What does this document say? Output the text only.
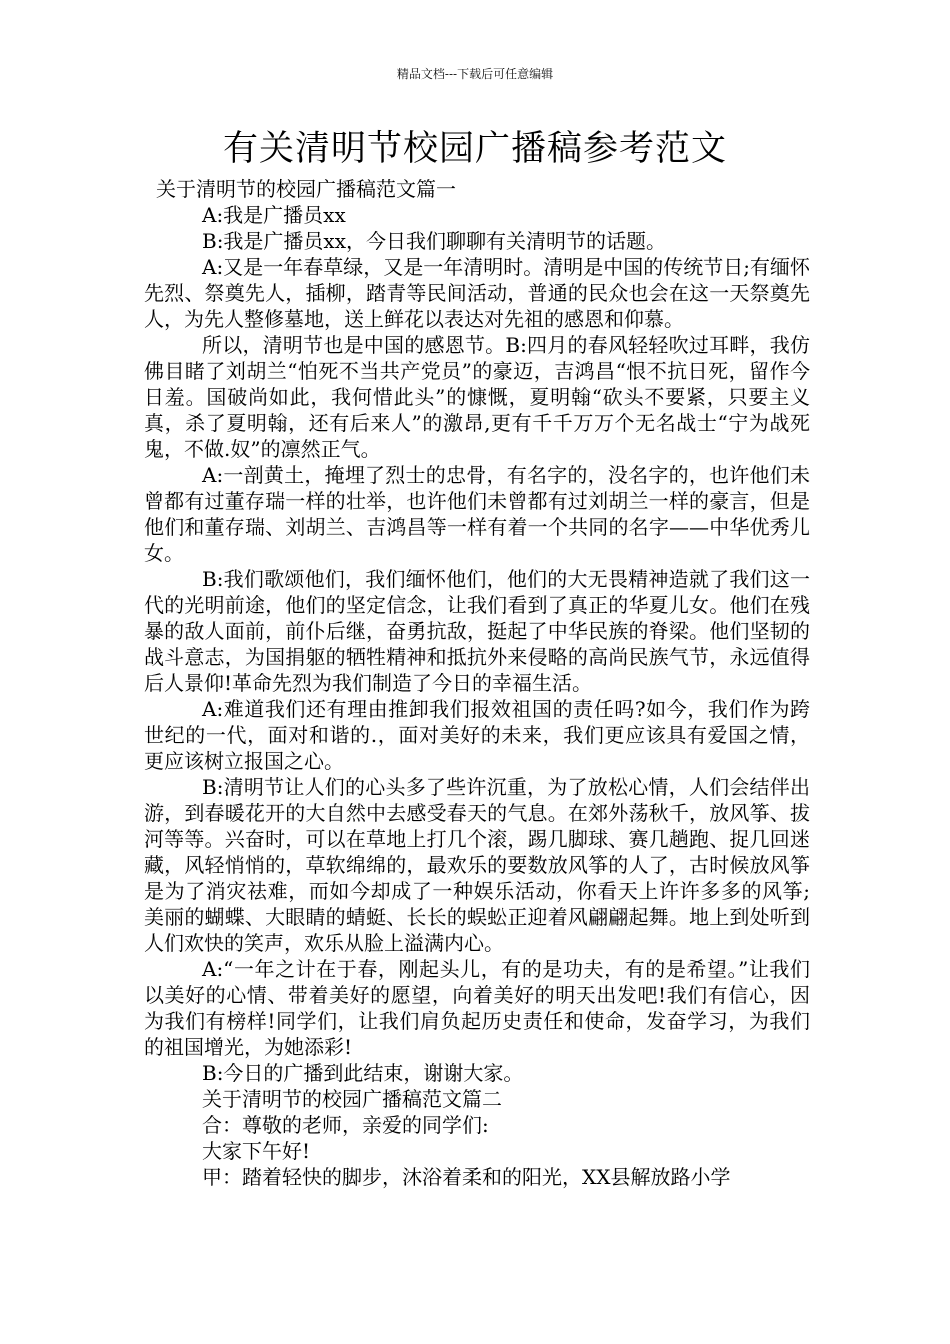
精品文档---下载后可任意编辑
有关清明节校园广播稿参考范文

关于清明节的校园广播稿范文篇一

A:我是广播员xx

B:我是广播员xx，今日我们聊聊有关清明节的话题。

A:又是一年春草绿，又是一年清明时。清明是中国的传统节日;有缅怀先烈、祭奠先人，插柳，踏青等民间活动，普通的民众也会在这一天祭奠先人，为先人整修墓地，送上鲜花以表达对先祖的感恩和仰慕。

所以，清明节也是中国的感恩节。B:四月的春风轻轻吹过耳畔，我仿佛目睹了刘胡兰“怕死不当共产党员”的豪迈，吉鸿昌“恨不抗日死，留作今日羞。国破尚如此，我何惜此头”的慷慨，夏明翰“砍头不要紧，只要主义真，杀了夏明翰，还有后来人”的激昂,更有千千万万个无名战士“宁为战死鬼，不做.奴”的凛然正气。

A:一剖黄土，掩埋了烈士的忠骨，有名字的，没名字的，也许他们未曾都有过董存瑞一样的壮举，也许他们未曾都有过刘胡兰一样的豪言，但是他们和董存瑞、刘胡兰、吉鸿昌等一样有着一个共同的名字——中华优秀儿女。

B:我们歌颂他们，我们缅怀他们，他们的大无畏精神造就了我们这一代的光明前途，他们的坚定信念，让我们看到了真正的华夏儿女。他们在残暴的敌人面前，前仆后继，奋勇抗敌，挺起了中华民族的脊梁。他们坚韧的战斗意志，为国捐躯的牺牲精神和抵抗外来侵略的高尚民族气节，永远值得后人景仰!革命先烈为我们制造了今日的幸福生活。

A:难道我们还有理由推卸我们报效祖国的责任吗?如今，我们作为跨世纪的一代，面对和谐的.，面对美好的未来，我们更应该具有爱国之情，更应该树立报国之心。

B:清明节让人们的心头多了些许沉重，为了放松心情，人们会结伴出游，到春暖花开的大自然中去感受春天的气息。在郊外荡秋千，放风筝、拔河等等。兴奋时，可以在草地上打几个滚，踢几脚球、赛几趟跑、捉几回迷藏，风轻悄悄的，草软绵绵的，最欢乐的要数放风筝的人了，古时候放风筝是为了消灾祛难，而如今却成了一种娱乐活动，你看天上许许多多的风筝;美丽的蝴蝶、大眼睛的蜻蜓、长长的蜈蚣正迎着风翩翩起舞。地上到处听到人们欢快的笑声，欢乐从脸上溢满内心。

A:“一年之计在于春，刚起头儿，有的是功夫，有的是希望。”让我们以美好的心情、带着美好的愿望，向着美好的明天出发吧!我们有信心，因为我们有榜样!同学们，让我们肩负起历史责任和使命，发奋学习，为我们的祖国增光，为她添彩!

B:今日的广播到此结束，谢谢大家。

关于清明节的校园广播稿范文篇二

合：尊敬的老师，亲爱的同学们:

大家下午好!

甲：踏着轻快的脚步，沐浴着柔和的阳光，XX县解放路小学
